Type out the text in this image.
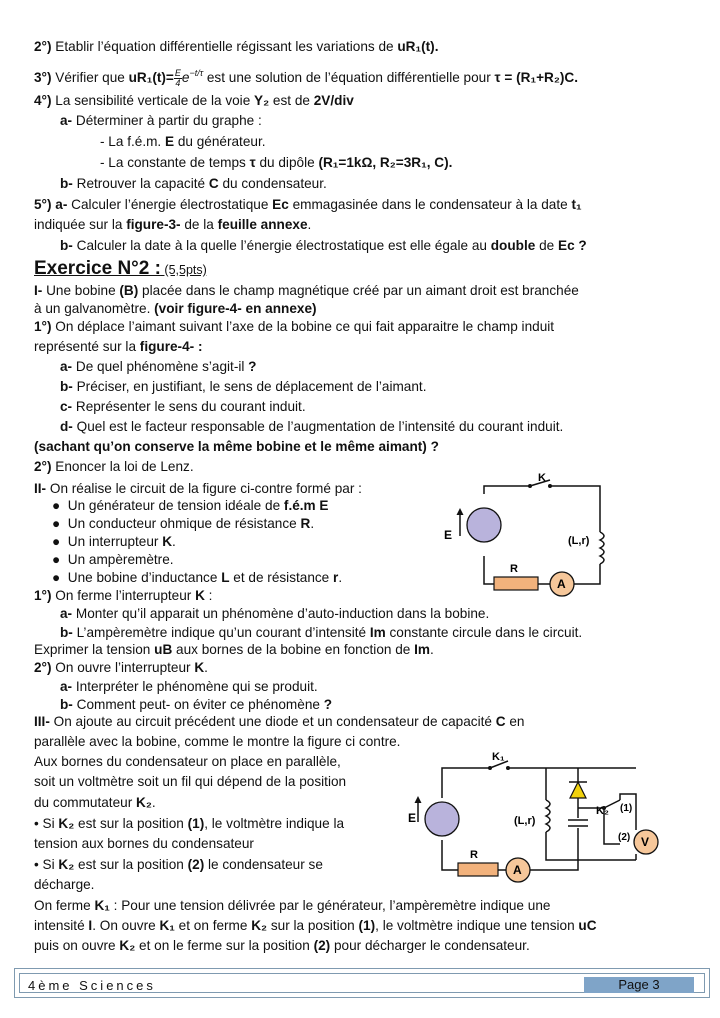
2°) Etablir l’équation différentielle régissant les variations de uR₁(t).
3°) Vérifier que $uR_1(t)= \frac{E}{4} e^{-t/\tau}$ est une solution de l’équation différentielle pour τ = (R₁+R₂)C.
4°) La sensibilité verticale de la voie Y₂ est de 2V/div
a- Déterminer à partir du graphe :
- La f.é.m. E du générateur.
- La constante de temps τ du dipôle (R₁=1kΩ, R₂=3R₁, C).
b- Retrouver la capacité C du condensateur.
5°) a- Calculer l’énergie électrostatique Ec emmagasinée dans le condensateur à la date t₁
indiquée sur la figure-3- de la feuille annexe.
b- Calculer la date à la quelle l’énergie électrostatique est elle égale au double de Ec ?
Exercice N°2 : (5,5pts)
I- Une bobine (B) placée dans le champ magnétique créé par un aimant droit est branchée
à un galvanomètre. (voir figure-4- en annexe)
1°) On déplace l’aimant suivant l’axe de la bobine ce qui fait apparaitre le champ induit
représenté sur la figure-4- :
a- De quel phénomène s’agit-il ?
b- Préciser, en justifiant, le sens de déplacement de l’aimant.
c- Représenter le sens du courant induit.
d- Quel est le facteur responsable de l’augmentation de l’intensité du courant induit.
(sachant qu’on conserve la même bobine et le même aimant) ?
2°) Enoncer la loi de Lenz.
II- On réalise le circuit de la figure ci-contre formé par :
●  Un générateur de tension idéale de f.é.m E
●  Un conducteur ohmique de résistance R.
●  Un interrupteur K.
●  Un ampèremètre.
●  Une bobine d’inductance L et de résistance r.
1°) On ferme l’interrupteur K :
a- Monter qu’il apparait un phénomène d’auto-induction dans la bobine.
b- L’ampèremètre indique qu’un courant d’intensité Im constante circule dans le circuit.
Exprimer la tension uB aux bornes de la bobine en fonction de Im.
2°) On ouvre l’interrupteur K.
a- Interpréter le phénomène qui se produit.
b- Comment peut- on éviter ce phénomène ?
III- On ajoute au circuit précédent une diode et un condensateur de capacité C en
parallèle avec la bobine, comme le montre la figure ci contre.
Aux bornes du condensateur on place en parallèle,
soit un voltmètre soit un fil qui dépend de la position
du commutateur K₂.
• Si K₂ est sur la position (1), le voltmètre indique la
tension aux bornes du condensateur
• Si K₂ est sur la position (2) le condensateur se
décharge.
On ferme K₁ : Pour une tension délivrée par le générateur, l’ampèremètre indique une
intensité I. On ouvre K₁ et on ferme K₂ sur la position (1), le voltmètre indique une tension uC
puis on ouvre K₂ et on le ferme sur la position (2) pour décharger le condensateur.
K
E	(L,r)
R
A
K₁
E	(L,r)
R
A
K₂ (1)
(2) V
4ème Sciences	Page 3
